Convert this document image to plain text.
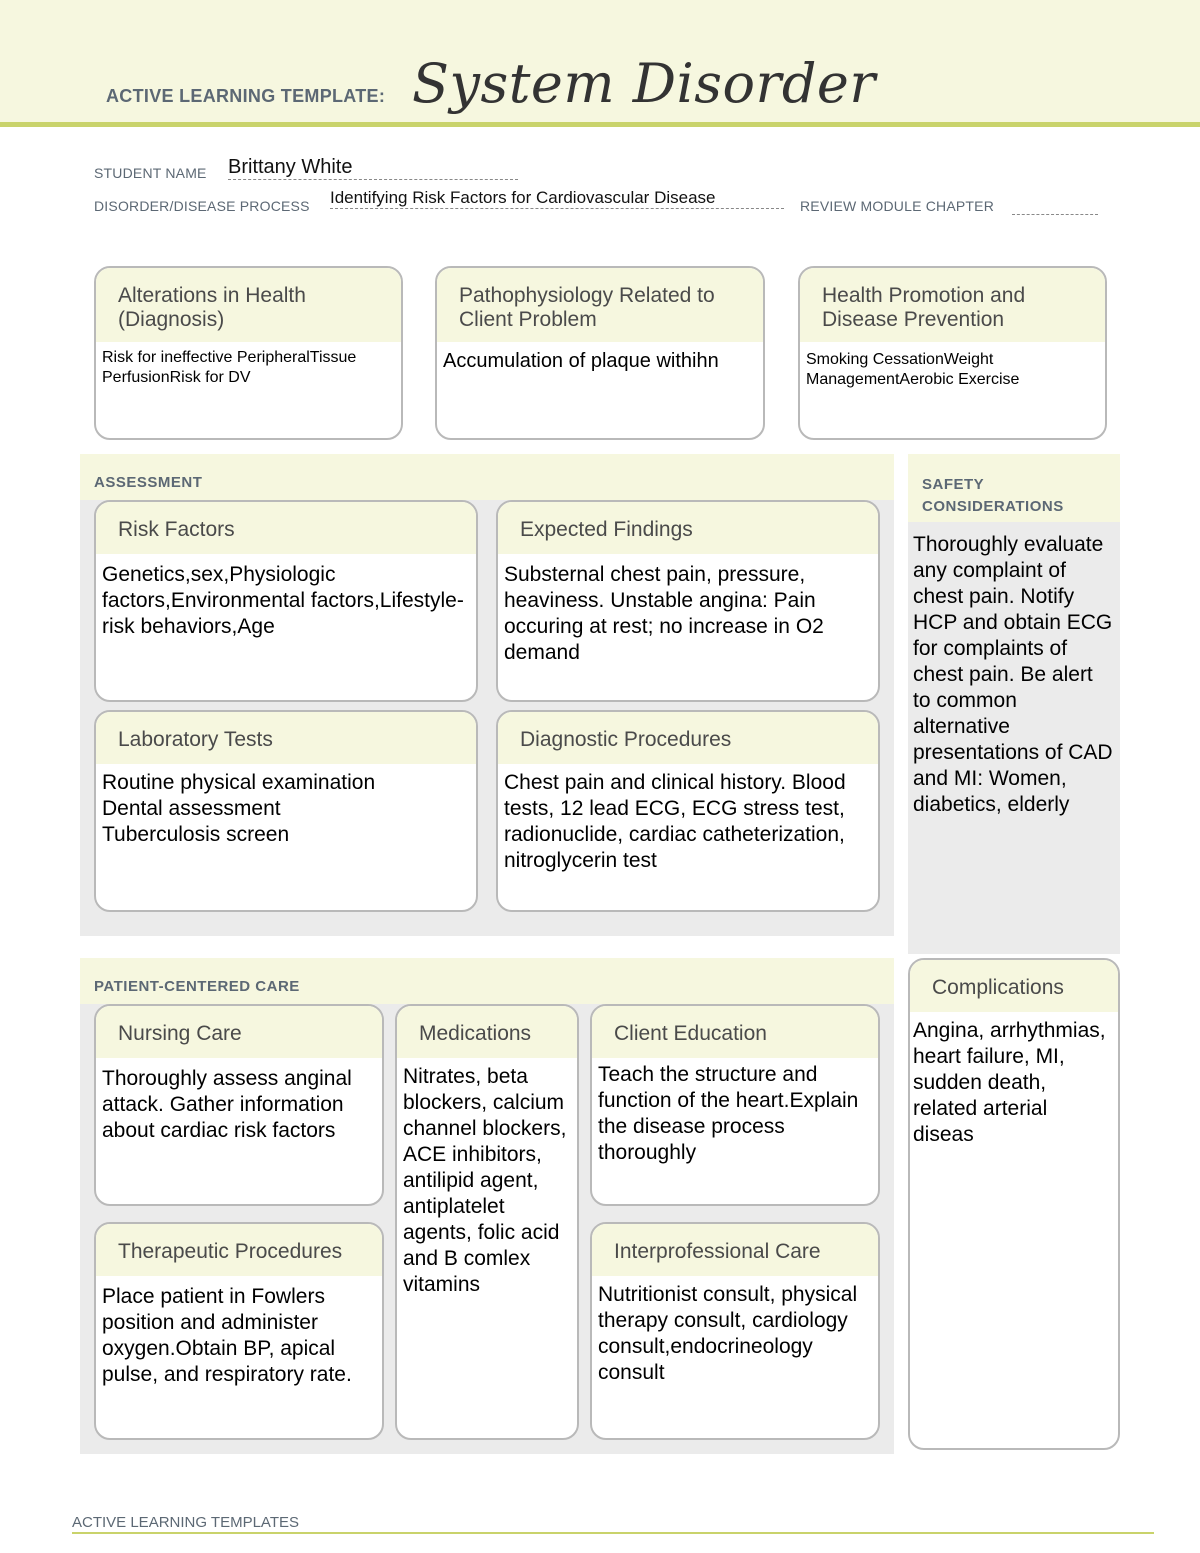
ACTIVE LEARNING TEMPLATE: System Disorder
STUDENT NAME Brittany White
DISORDER/DISEASE PROCESS Identifying Risk Factors for Cardiovascular Disease	REVIEW MODULE CHAPTER
Alterations in Health (Diagnosis)
Risk for ineffective PeripheralTissue PerfusionRisk for DV
Pathophysiology Related to Client Problem
Accumulation of plaque withihn
Health Promotion and Disease Prevention
Smoking CessationWeight ManagementAerobic Exercise
ASSESSMENT
Risk Factors
Genetics,sex,Physiologic factors,Environmental factors,Lifestyle-risk behaviors,Age
Expected Findings
Substernal chest pain, pressure, heaviness. Unstable angina: Pain occuring at rest; no increase in O2 demand
Laboratory Tests
Routine physical examination
Dental assessment
Tuberculosis screen
Diagnostic Procedures
Chest pain and clinical history. Blood tests, 12 lead ECG, ECG stress test, radionuclide, cardiac catheterization, nitroglycerin test
SAFETY CONSIDERATIONS
Thoroughly evaluate any complaint of chest pain. Notify HCP and obtain ECG for complaints of chest pain. Be alert to common alternative presentations of CAD and MI: Women, diabetics, elderly
PATIENT-CENTERED CARE
Nursing Care
Thoroughly assess anginal attack. Gather information about cardiac risk factors
Medications
Nitrates, beta blockers, calcium channel blockers, ACE inhibitors, antilipid agent, antiplatelet agents, folic acid and B comlex vitamins
Client Education
Teach the structure and function of the heart.Explain the disease process thoroughly
Therapeutic Procedures
Place patient in Fowlers position and administer oxygen.Obtain BP, apical pulse, and respiratory rate.
Interprofessional Care
Nutritionist consult, physical therapy consult, cardiology consult,endocrineology consult
Complications
Angina, arrhythmias, heart failure, MI, sudden death, related arterial diseas
ACTIVE LEARNING TEMPLATES
